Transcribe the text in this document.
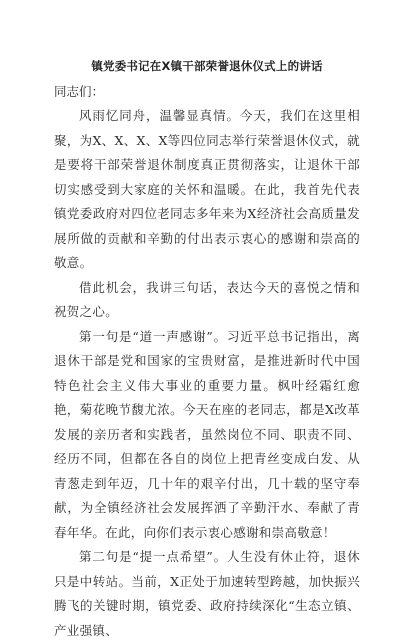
镇党委书记在X镇干部荣誉退休仪式上的讲话

同志们：

风雨忆同舟，温馨显真情。今天，我们在这里相聚，为X、X、X、X等四位同志举行荣誉退休仪式，就是要将干部荣誉退休制度真正贯彻落实，让退休干部切实感受到大家庭的关怀和温暖。在此，我首先代表镇党委政府对四位老同志多年来为X经济社会高质量发展所做的贡献和辛勤的付出表示衷心的感谢和崇高的敬意。

借此机会，我讲三句话，表达今天的喜悦之情和祝贺之心。

第一句是“道一声感谢”。习近平总书记指出，离退休干部是党和国家的宝贵财富，是推进新时代中国特色社会主义伟大事业的重要力量。枫叶经霜红愈艳，菊花晚节馥尤浓。今天在座的老同志，都是X改革发展的亲历者和实践者，虽然岗位不同、职责不同、经历不同，但都在各自的岗位上把青丝变成白发、从青葱走到年迈，几十年的艰辛付出，几十载的坚守奉献，为全镇经济社会发展挥洒了辛勤汗水、奉献了青春年华。在此，向你们表示衷心感谢和崇高敬意！

第二句是“提一点希望”。人生没有休止符，退休只是中转站。当前，X正处于加速转型跨越，加快振兴腾飞的关键时期，镇党委、政府持续深化“生态立镇、产业强镇、
